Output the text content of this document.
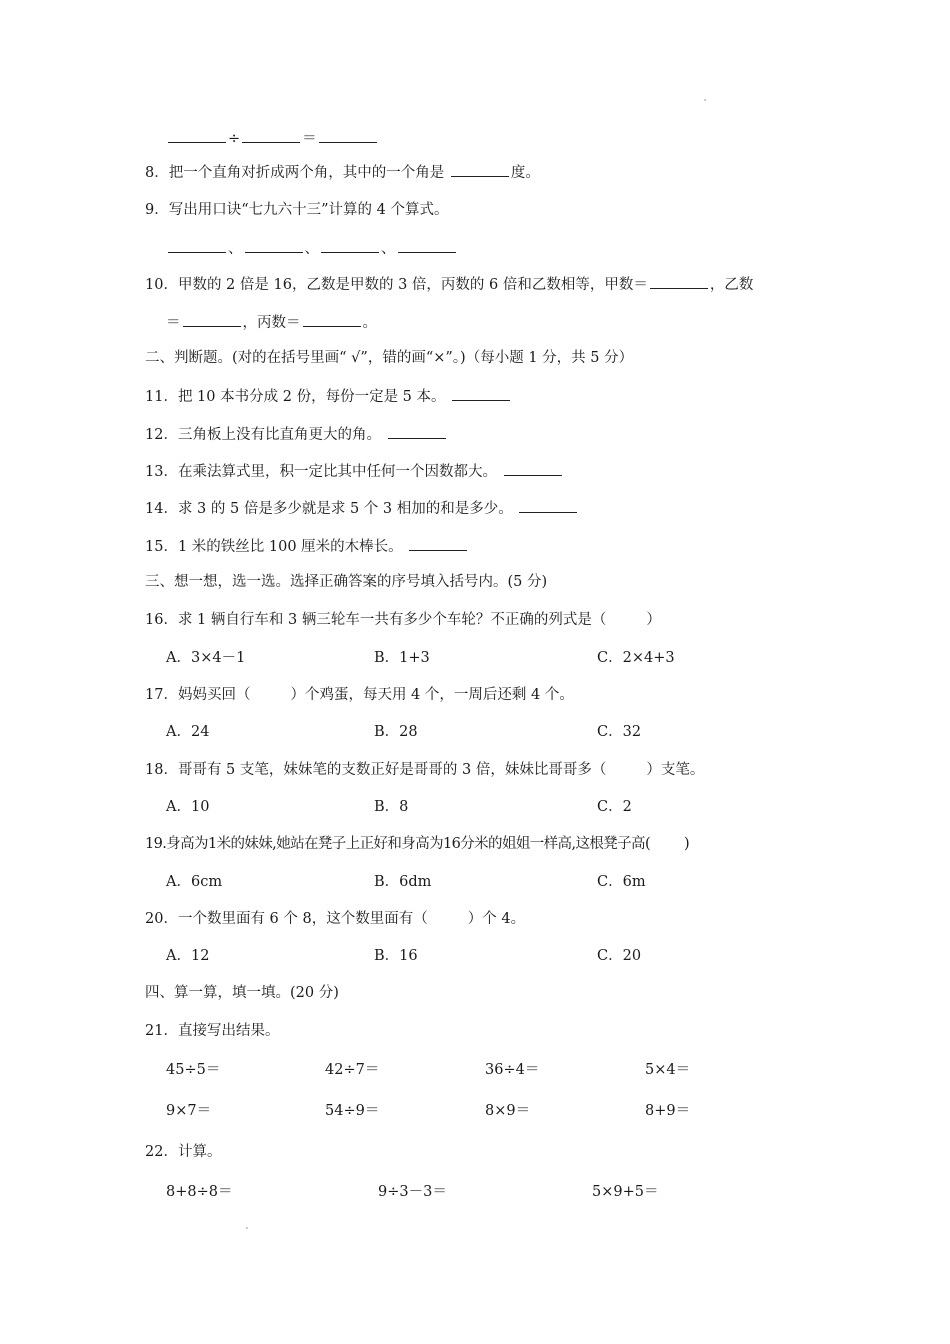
÷	＝
8．把一个直角对折成两个角，其中的一个角是	度。
9．写出用口诀“七九六十三”计算的 4 个算式。
、	、	、
10．甲数的 2 倍是 16，乙数是甲数的 3 倍，丙数的 6 倍和乙数相等，甲数＝	，乙数
＝	，丙数＝	。
二、判断题。(对的在括号里画“ √”，错的画“×”。)（每小题 1 分，共 5 分）
11．把 10 本书分成 2 份，每份一定是 5 本。
12．三角板上没有比直角更大的角。
13．在乘法算式里，积一定比其中任何一个因数都大。
14．求 3 的 5 倍是多少就是求 5 个 3 相加的和是多少。
15．1 米的铁丝比 100 厘米的木棒长。
三、想一想，选一选。选择正确答案的序号填入括号内。(5 分)
16．求 1 辆自行车和 3 辆三轮车一共有多少个车轮？不正确的列式是（	）
A．3×4－1	B．1+3	C．2×4+3
17．妈妈买回（	）个鸡蛋，每天用 4 个，一周后还剩 4 个。
A．24	B．28	C．32
18．哥哥有 5 支笔，妹妹笔的支数正好是哥哥的 3 倍，妹妹比哥哥多（	）支笔。
A．10	B．8	C．2
19.身高为1米的妹妹,她站在凳子上正好和身高为16分米的姐姐一样高,这根凳子高( )
A．6cm	B．6dm	C．6m
20．一个数里面有 6 个 8，这个数里面有（	）个 4。
A．12	B．16	C．20
四、算一算，填一填。(20 分)
21．直接写出结果。
45÷5＝	42÷7＝	36÷4＝	5×4＝
9×7＝	54÷9＝	8×9＝	8+9＝
22．计算。
8+8÷8＝	9÷3－3＝	5×9+5＝
